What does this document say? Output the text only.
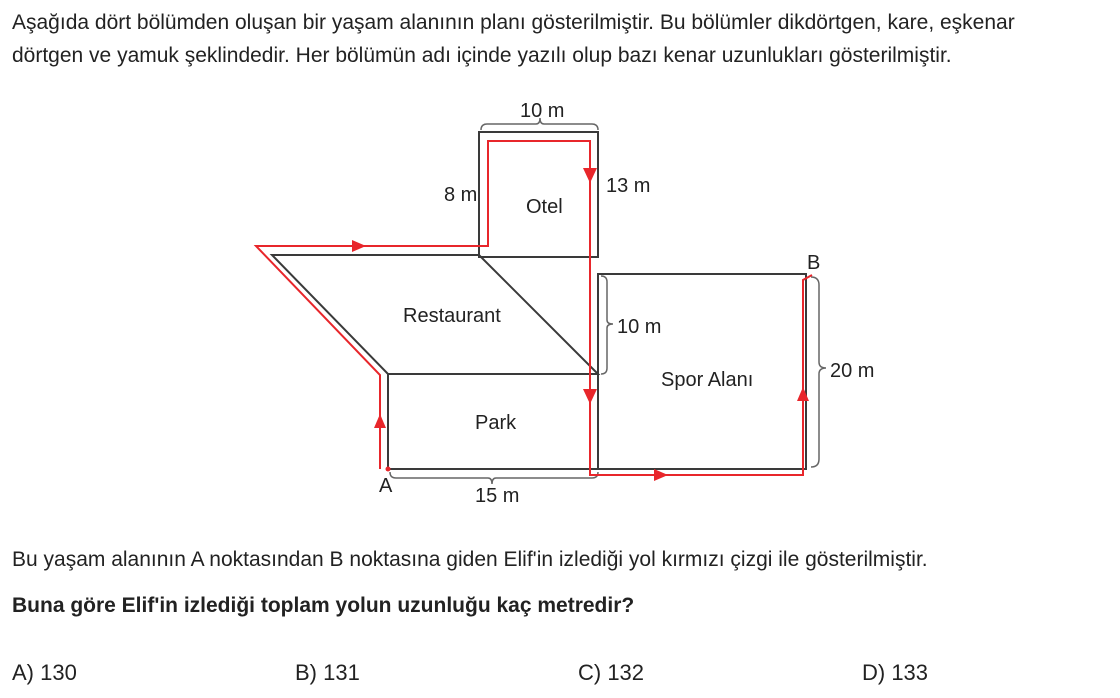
Aşağıda dört bölümden oluşan bir yaşam alanının planı gösterilmiştir. Bu bölümler dikdörtgen, kare, eşkenar
dörtgen ve yamuk şeklindedir. Her bölümün adı içinde yazılı olup bazı kenar uzunlukları gösterilmiştir.

Otel
Restaurant
Park
Spor Alanı
10 m
8 m	13 m
10 m
20 m
15 m
A
B

Bu yaşam alanının A noktasından B noktasına giden Elif'in izlediği yol kırmızı çizgi ile gösterilmiştir.

Buna göre Elif'in izlediği toplam yolun uzunluğu kaç metredir?

A) 130	B) 131	C) 132	D) 133
